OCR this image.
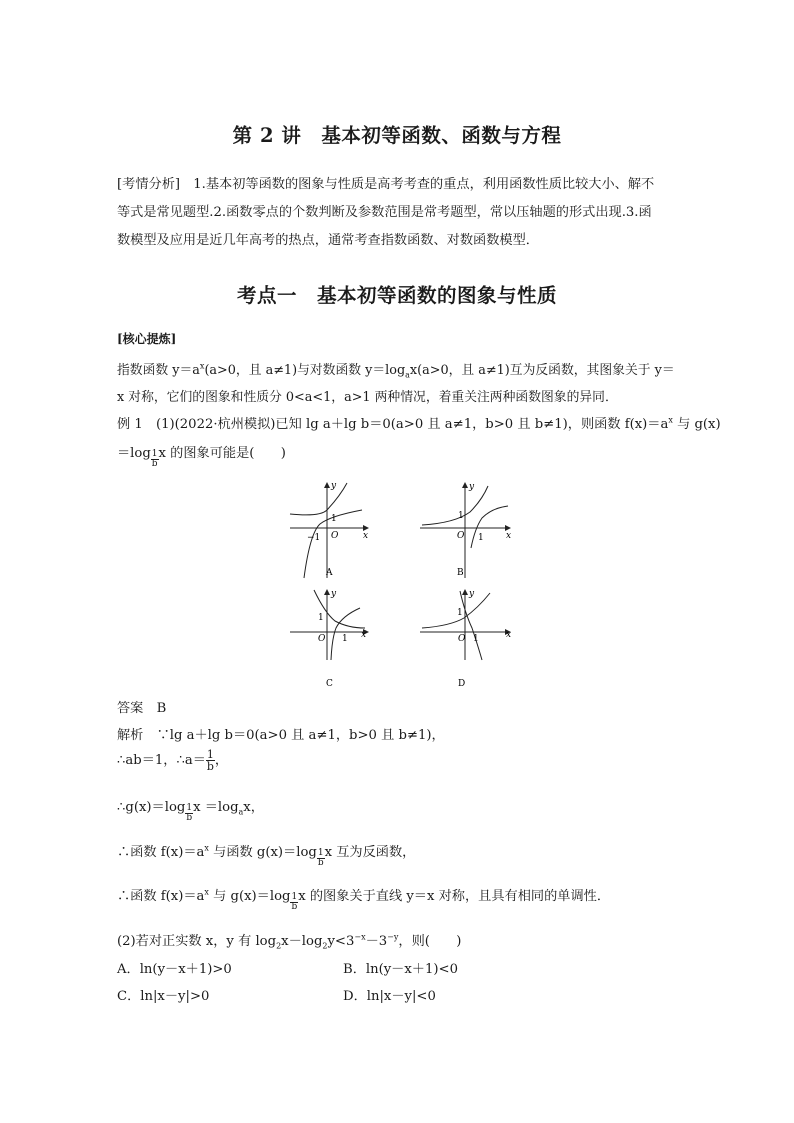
第 2 讲　基本初等函数、函数与方程
[考情分析]　 1.基本初等函数的图象与性质是高考考查的重点，利用函数性质比较大小、解不
等式是常见题型.2.函数零点的个数判断及参数范围是常考题型，常以压轴题的形式出现.3.函
数模型及应用是近几年高考的热点，通常考查指数函数、对数函数模型．
考点一　基本初等函数的图象与性质
[核心提炼]
指数函数 $y=a^x(a>0$，且 a≠1)与对数函数 $y=\log_ax(a>0$，且 a≠1)互为反函数，其图象关于 y＝
x 对称，它们的图象和性质分 0<a<1，a>1 两种情况，着重关注两种函数图象的异同．
例 1　(1)(2022·杭州模拟)已知 lg a＋lg b＝0(a>0 且 a≠1，b>0 且 b≠1)，则函数 $f(x)=a^x$ 与 g(x)
$=\log \frac{1}{b}x$ 的图象可能是(　　)
y
x
O
1
−1
A
y
x
O
1
1
B
y
x
O
1
1
C
y
x
O
1
1
D
答案　 B
解析　 ∵lg a＋lg b＝0(a>0 且 a≠1，b>0 且 b≠1)，
∴ab＝1，∴a＝ $\frac{1}{b}$ ，
∴g(x)＝log $\frac{1}{b}x =\log_ax$，
∴函数 $f(x)=a^x$ 与函数 $g(x)=\log \frac{1}{b}x$ 互为反函数，
∴函数 $f(x)=a^x$ 与 $g(x)=\log \frac{1}{b}x$ 的图象关于直线 y＝x 对称，且具有相同的单调性．
(2)若对正实数 x，y 有 $\log_2x-\log_2y<3^{-x}-3^{-y}$，则(　　)
A．ln(y－x＋1)>0	B．ln(y－x＋1)<0
C．ln|x－y|>0	D．ln|x－y|<0
